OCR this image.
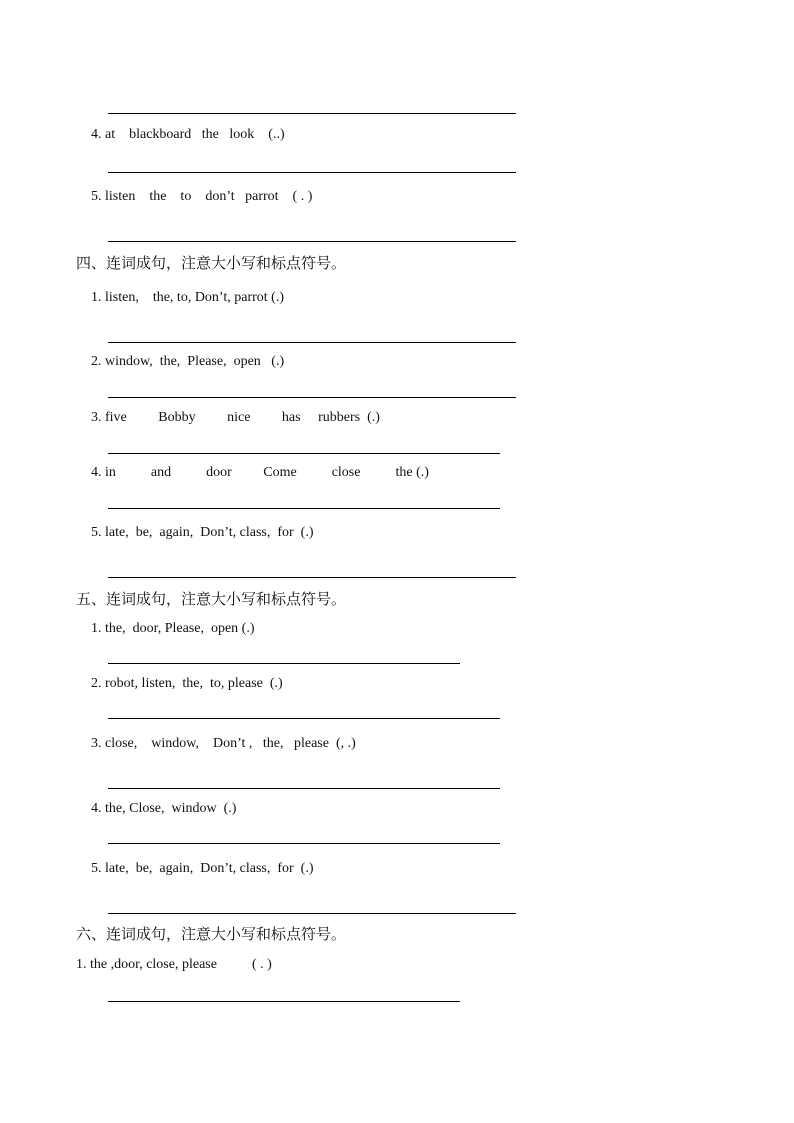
4. at    blackboard   the   look    (..)
5. listen    the    to    don’t   parrot    ( . )
四、连词成句，注意大小写和标点符号。
1. listen,    the, to, Don’t, parrot (.)
2. window,  the,  Please,  open   (.)
3. five         Bobby         nice         has     rubbers  (.)
4. in          and          door         Come          close          the (.)
5. late,  be,  again,  Don’t, class,  for  (.)
五、连词成句，注意大小写和标点符号。
1. the,  door, Please,  open (.)
2. robot, listen,  the,  to, please  (.)
3. close,    window,    Don’t ,   the,   please  (, .)
4. the, Close,  window  (.)
5. late,  be,  again,  Don’t, class,  for  (.)
六、连词成句，注意大小写和标点符号。
1. the ,door, close, please          ( . )
